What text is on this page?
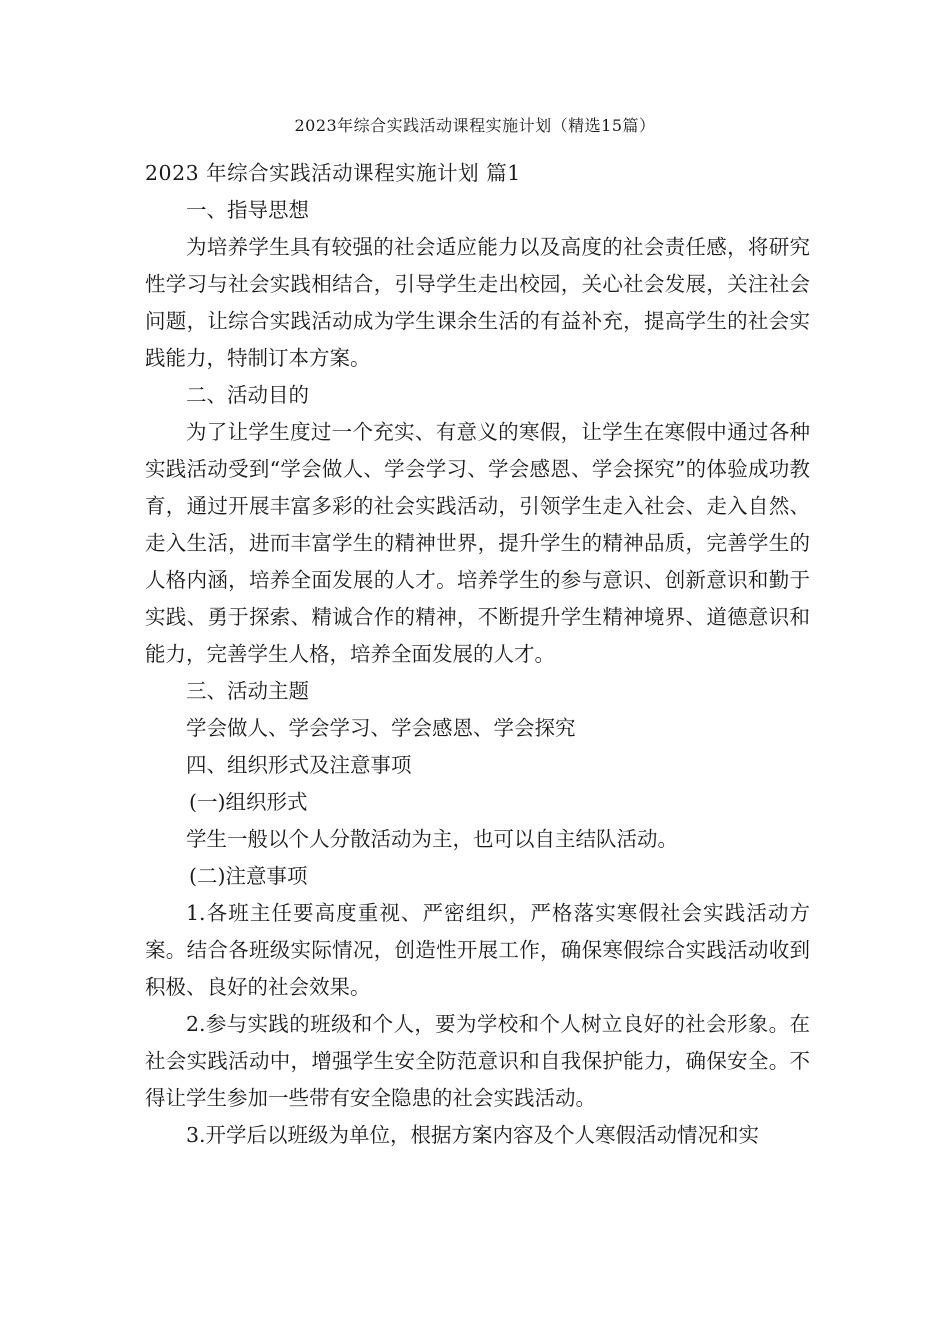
2023年综合实践活动课程实施计划（精选15篇）

2023 年综合实践活动课程实施计划 篇1

一、指导思想

为培养学生具有较强的社会适应能力以及高度的社会责任感，将研究性学习与社会实践相结合，引导学生走出校园，关心社会发展，关注社会问题，让综合实践活动成为学生课余生活的有益补充，提高学生的社会实践能力，特制订本方案。

二、活动目的

为了让学生度过一个充实、有意义的寒假，让学生在寒假中通过各种实践活动受到“学会做人、学会学习、学会感恩、学会探究”的体验成功教育，通过开展丰富多彩的社会实践活动，引领学生走入社会、走入自然、走入生活，进而丰富学生的精神世界，提升学生的精神品质，完善学生的人格内涵，培养全面发展的人才。培养学生的参与意识、创新意识和勤于实践、勇于探索、精诚合作的精神，不断提升学生精神境界、道德意识和能力，完善学生人格，培养全面发展的人才。

三、活动主题

学会做人、学会学习、学会感恩、学会探究

四、组织形式及注意事项

(一)组织形式

学生一般以个人分散活动为主，也可以自主结队活动。

(二)注意事项

1.各班主任要高度重视、严密组织，严格落实寒假社会实践活动方案。结合各班级实际情况，创造性开展工作，确保寒假综合实践活动收到积极、良好的社会效果。

2.参与实践的班级和个人，要为学校和个人树立良好的社会形象。在社会实践活动中，增强学生安全防范意识和自我保护能力，确保安全。不得让学生参加一些带有安全隐患的社会实践活动。

3.开学后以班级为单位，根据方案内容及个人寒假活动情况和实
